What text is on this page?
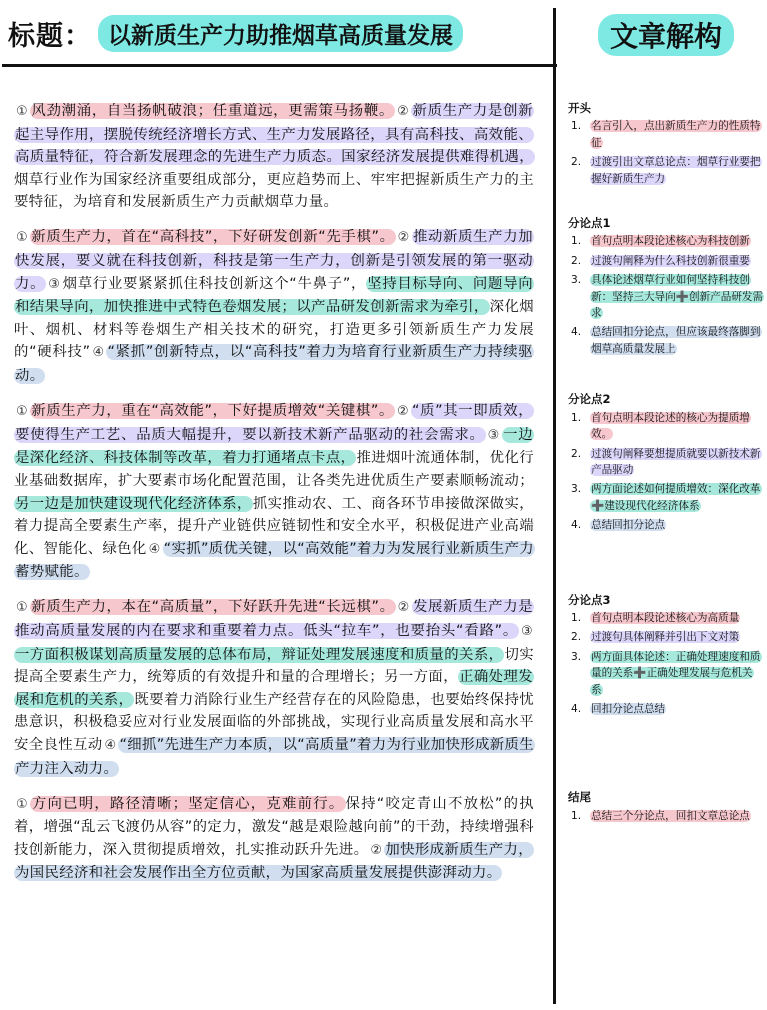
标题： 以新质生产力助推烟草高质量发展	文章解构

① 风劲潮涌，自当扬帆破浪；任重道远，更需策马扬鞭。 ② 新质生产力是创新起主导作用，摆脱传统经济增长方式、生产力发展路径，具有高科技、高效能、高质量特征，符合新发展理念的先进生产力质态。国家经济发展提供难得机遇，烟草行业作为国家经济重要组成部分，更应趋势而上、牢牢把握新质生产力的主要特征，为培育和发展新质生产力贡献烟草力量。

① 新质生产力，首在“高科技”，下好研发创新“先手棋”。 ② 推动新质生产力加快发展，要义就在科技创新，科技是第一生产力，创新是引领发展的第一驱动力。 ③ 烟草行业要紧紧抓住科技创新这个“牛鼻子”，坚持目标导向、问题导向和结果导向，加快推进中式特色卷烟发展；以产品研发创新需求为牵引，深化烟叶、烟机、材料等卷烟生产相关技术的研究，打造更多引领新质生产力发展的“硬科技” ④ “紧抓”创新特点，以“高科技”着力为培育行业新质生产力持续驱动。

① 新质生产力，重在“高效能”，下好提质增效“关键棋”。 ② “质”其一即质效，要使得生产工艺、品质大幅提升，要以新技术新产品驱动的社会需求。 ③ 一边是深化经济、科技体制等改革，着力打通堵点卡点，推进烟叶流通体制，优化行业基础数据库，扩大要素市场化配置范围，让各类先进优质生产要素顺畅流动；另一边是加快建设现代化经济体系，抓实推动农、工、商各环节串接做深做实，着力提高全要素生产率，提升产业链供应链韧性和安全水平，积极促进产业高端化、智能化、绿色化 ④ “实抓”质优关键，以“高效能”着力为发展行业新质生产力蓄势赋能。

① 新质生产力，本在“高质量”，下好跃升先进“长远棋”。 ② 发展新质生产力是推动高质量发展的内在要求和重要着力点。低头“拉车”，也要抬头“看路”。 ③一方面积极谋划高质量发展的总体布局，辩证处理发展速度和质量的关系，切实提高全要素生产力，统筹质的有效提升和量的合理增长；另一方面，正确处理发展和危机的关系，既要着力消除行业生产经营存在的风险隐患，也要始终保持忧患意识，积极稳妥应对行业发展面临的外部挑战，实现行业高质量发展和高水平安全良性互动 ④ “细抓”先进生产力本质，以“高质量”着力为行业加快形成新质生产力注入动力。

① 方向已明，路径清晰；坚定信心，克难前行。保持“咬定青山不放松”的执着，增强“乱云飞渡仍从容”的定力，激发“越是艰险越向前”的干劲，持续增强科技创新能力，深入贯彻提质增效，扎实推动跃升先进。 ② 加快形成新质生产力，为国民经济和社会发展作出全方位贡献，为国家高质量发展提供澎湃动力。

开头
1. 名言引入，点出新质生产力的性质特征
2. 过渡引出文章总论点：烟草行业要把握好新质生产力
分论点1
1. 首句点明本段论述核心为科技创新
2. 过渡句阐释为什么科技创新很重要
3. 具体论述烟草行业如何坚持科技创新：坚持三大导向➕创新产品研发需求
4. 总结回扣分论点，但应该最终落脚到烟草高质量发展上
分论点2
1. 首句点明本段论述的核心为提质增效。
2. 过渡句阐释要想提质就要以新技术新产品驱动
3. 两方面论述如何提质增效：深化改革➕建设现代化经济体系
4. 总结回扣分论点
分论点3
1. 首句点明本段论述核心为高质量
2. 过渡句具体阐释并引出下文对策
3. 两方面具体论述：正确处理速度和质量的关系➕正确处理发展与危机关系
4. 回扣分论点总结
结尾
1. 总结三个分论点，回扣文章总论点
